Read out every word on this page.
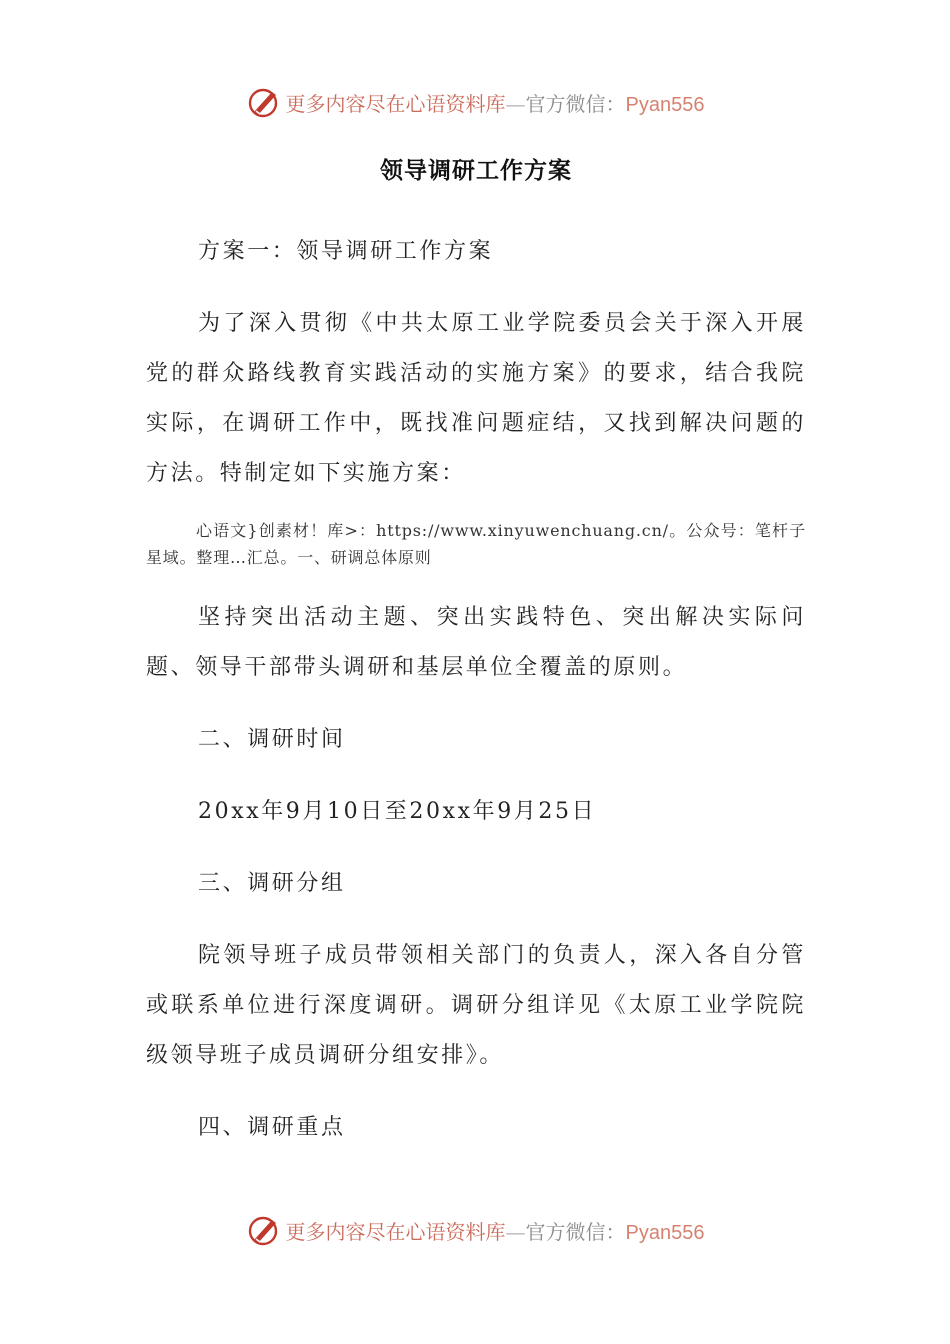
更多内容尽在心语资料库—官方微信：Pyan556
领导调研工作方案

方案一：领导调研工作方案

为了深入贯彻《中共太原工业学院委员会关于深入开展党的群众路线教育实践活动的实施方案》的要求，结合我院实际，在调研工作中，既找准问题症结，又找到解决问题的方法。特制定如下实施方案：

心语文}创素材！库>：https://www.xinyuwenchuang.cn/。公众号：笔杆子星域。整理…汇总。一、研调总体原则

坚持突出活动主题、突出实践特色、突出解决实际问题、领导干部带头调研和基层单位全覆盖的原则。

二、调研时间

20xx年9月10日至20xx年9月25日

三、调研分组

院领导班子成员带领相关部门的负责人，深入各自分管或联系单位进行深度调研。调研分组详见《太原工业学院院级领导班子成员调研分组安排》。

四、调研重点

更多内容尽在心语资料库—官方微信：Pyan556
